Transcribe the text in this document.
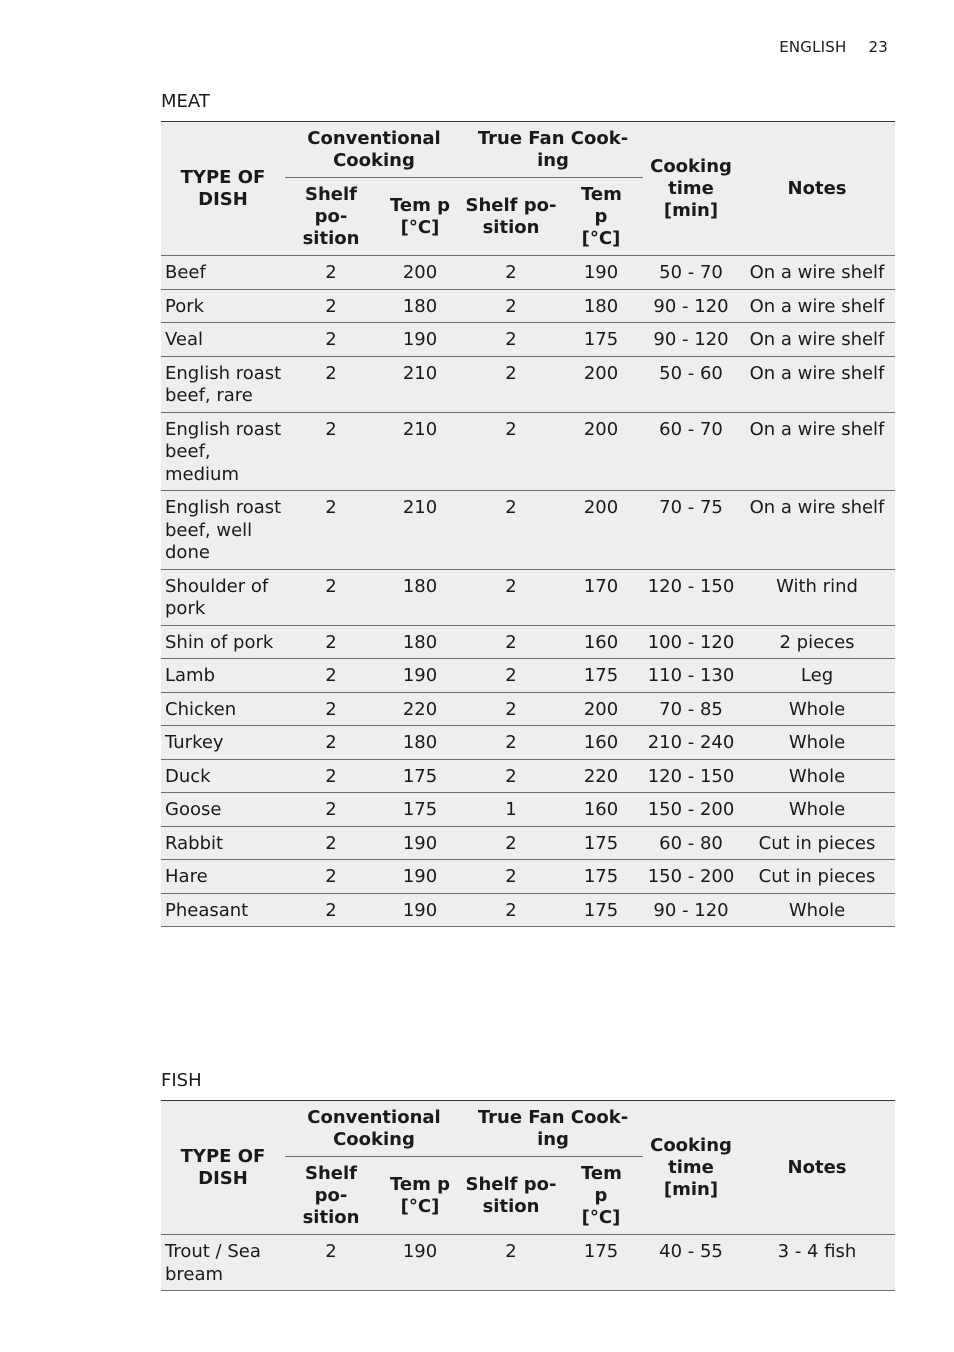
ENGLISH 23
MEAT
TYPE OF DISH	Conventional Cooking		True Fan Cook-ing		Cooking time [min]	Notes
	Shelf po-sition	Tem p [°C]	Shelf po-sition	Tem p [°C]		

Beef	2	200	2	190	50 - 70	On a wire shelf
Pork	2	180	2	180	90 - 120	On a wire shelf
Veal	2	190	2	175	90 - 120	On a wire shelf
English roast beef, rare	2	210	2	200	50 - 60	On a wire shelf
English roast beef, medium	2	210	2	200	60 - 70	On a wire shelf
English roast beef, well done	2	210	2	200	70 - 75	On a wire shelf
Shoulder of pork	2	180	2	170	120 - 150	With rind
Shin of pork	2	180	2	160	100 - 120	2 pieces
Lamb	2	190	2	175	110 - 130	Leg
Chicken	2	220	2	200	70 - 85	Whole
Turkey	2	180	2	160	210 - 240	Whole
Duck	2	175	2	220	120 - 150	Whole
Goose	2	175	1	160	150 - 200	Whole
Rabbit	2	190	2	175	60 - 80	Cut in pieces
Hare	2	190	2	175	150 - 200	Cut in pieces
Pheasant	2	190	2	175	90 - 120	Whole
FISH
TYPE OF DISH	Conventional Cooking		True Fan Cook-ing		Cooking time [min]	Notes
	Shelf po-sition	Tem p [°C]	Shelf po-sition	Tem p [°C]		

Trout / Sea bream	2	190	2	175	40 - 55	3 - 4 fish
